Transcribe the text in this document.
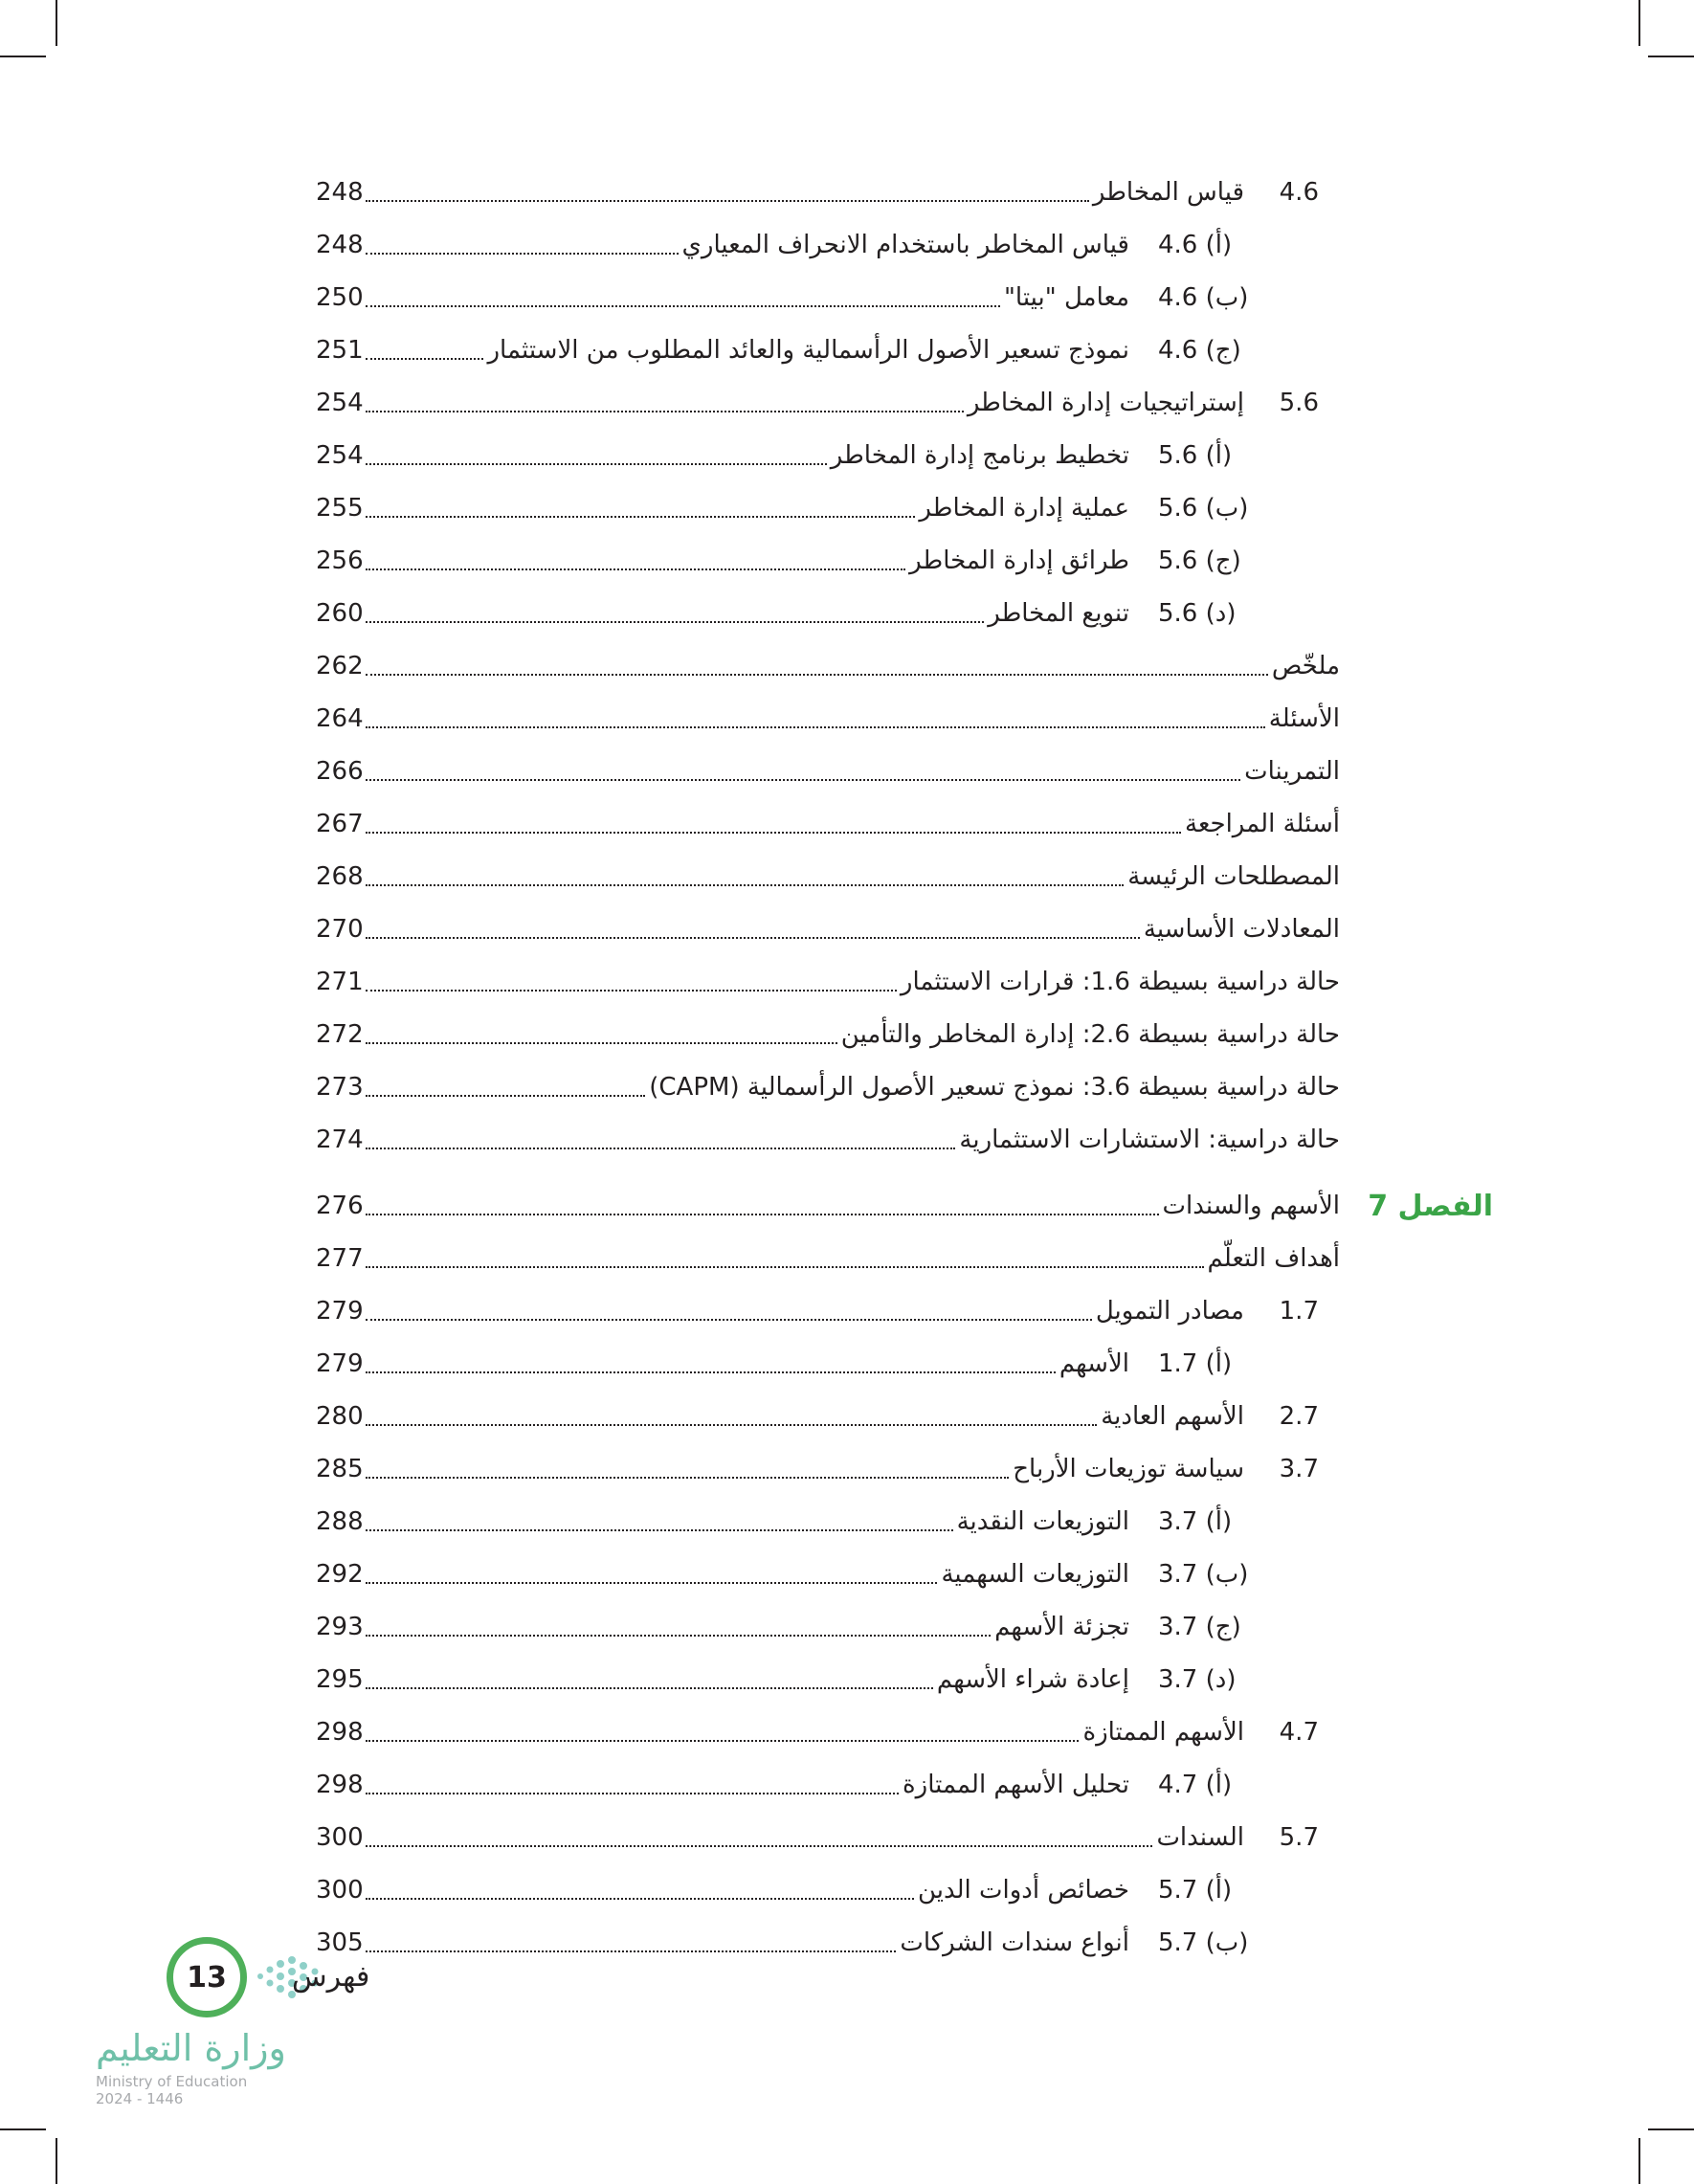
4.6
قياس المخاطر
248
4.6 (أ)
قياس المخاطر باستخدام الانحراف المعياري
248
4.6 (ب)
معامل "بيتا"
250
4.6 (ج)
نموذج تسعير الأصول الرأسمالية والعائد المطلوب من الاستثمار
251
5.6
إستراتيجيات إدارة المخاطر
254
5.6 (أ)
تخطيط برنامج إدارة المخاطر
254
5.6 (ب)
عملية إدارة المخاطر
255
5.6 (ج)
طرائق إدارة المخاطر
256
5.6 (د)
تنويع المخاطر
260
ملخّص
262
الأسئلة
264
التمرينات
266
أسئلة المراجعة
267
المصطلحات الرئيسة
268
المعادلات الأساسية
270
حالة دراسية بسيطة 1.6: قرارات الاستثمار
271
حالة دراسية بسيطة 2.6: إدارة المخاطر والتأمين
272
حالة دراسية بسيطة 3.6: نموذج تسعير الأصول الرأسمالية (CAPM)
273
حالة دراسية: الاستشارات الاستثمارية
274
الفصل 7
الأسهم والسندات
276
أهداف التعلّم
277
1.7
مصادر التمويل
279
1.7 (أ)
الأسهم
279
2.7
الأسهم العادية
280
3.7
سياسة توزيعات الأرباح
285
3.7 (أ)
التوزيعات النقدية
288
3.7 (ب)
التوزيعات السهمية
292
3.7 (ج)
تجزئة الأسهم
293
3.7 (د)
إعادة شراء الأسهم
295
4.7
الأسهم الممتازة
298
4.7 (أ)
تحليل الأسهم الممتازة
298
5.7
السندات
300
5.7 (أ)
خصائص أدوات الدين
300
5.7 (ب)
أنواع سندات الشركات
305
13 فهرس
وزارة التعليم
Ministry of Education
2024 - 1446
